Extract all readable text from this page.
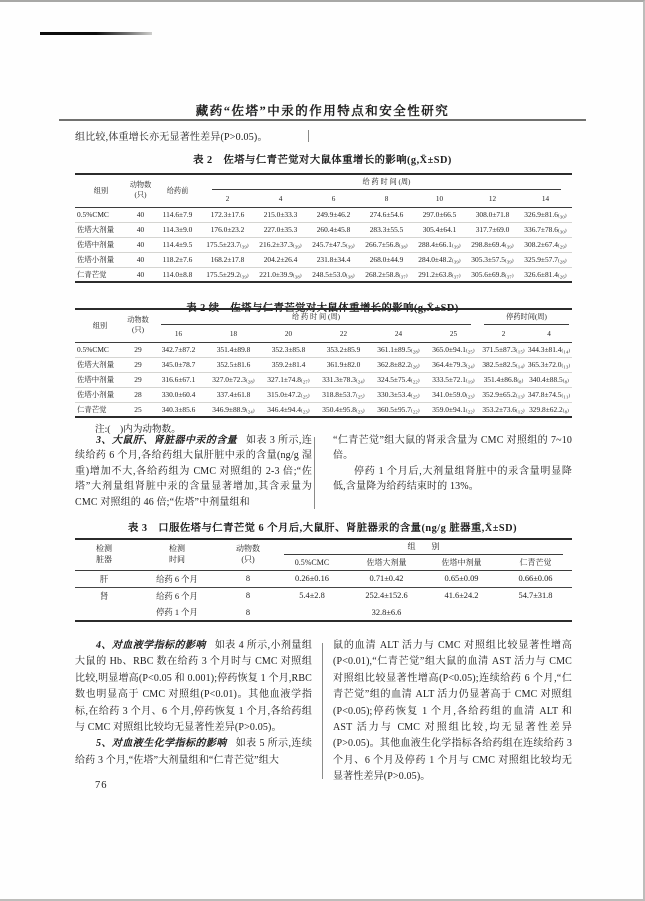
藏药“佐塔”中汞的作用特点和安全性研究

组比较,体重增长亦无显著性差异(P>0.05)。

表 2　佐塔与仁青芒觉对大鼠体重增长的影响(g,X̄±SD)
组别	动物数
(只)	给药前	给 药 时 间 (周)						
			2	4	6	8	10	12	14
0.5%CMC	40	114.6±7.9	172.3±17.6	215.0±33.3	249.9±46.2	274.6±54.6	297.0±66.5	308.0±71.8	326.9±81.6₍₃₀₎
佐塔大剂量	40	114.3±9.0	176.0±23.2	227.0±35.3	260.4±45.8	283.3±55.5	305.4±64.1	317.7±69.0	336.7±78.6₍₃₀₎
佐塔中剂量	40	114.4±9.5	175.5±23.7₍₃₉₎	216.2±37.3₍₃₉₎	245.7±47.5₍₃₉₎	266.7±56.8₍₃₈₎	288.4±66.1₍₃₉₎	298.8±69.4₍₃₉₎	308.2±67.4₍₂₉₎
佐塔小剂量	40	118.2±7.6	168.2±17.8	204.2±26.4	231.8±34.4	268.0±44.9	284.0±48.2₍₃₉₎	305.3±57.5₍₃₉₎	325.9±57.7₍₂₈₎
仁青芒觉	40	114.0±8.8	175.5±29.2₍₃₉₎	221.0±39.9₍₃₈₎	248.5±53.0₍₃₈₎	268.2±58.8₍₃₇₎	291.2±63.8₍₃₇₎	305.6±69.8₍₃₇₎	326.6±81.4₍₂₆₎
表 2 续　佐塔与仁青芒觉对大鼠体重增长的影响(g,X̄±SD)
组别	动物数
(只)	给 药 时 间 (周)						停药时间(周)	
		16	18	20	22	24	25	2	4
0.5%CMC	29	342.7±87.2	351.4±89.8	352.3±85.8	353.2±85.9	361.1±89.5₍₂₈₎	365.0±94.1₍₂₅₎	371.5±87.3₍₁₅₎	344.3±81.4₍₁₄₎
佐塔大剂量	29	345.0±78.7	352.5±81.6	359.2±81.4	361.9±82.0	362.8±82.2₍₂₆₎	364.4±79.3₍₂₄₎	382.5±82.5₍₁₄₎	365.3±72.0₍₁₃₎
佐塔中剂量	29	316.6±67.1	327.0±72.3₍₂₈₎	327.1±74.8₍₂₇₎	331.3±78.3₍₂₄₎	324.5±75.4₍₂₂₎	333.5±72.1₍₁₉₎	351.4±86.8₍₈₎	340.4±88.5₍₈₎
佐塔小剂量	28	330.0±60.4	337.4±61.8	315.0±47.2₍₂₅₎	318.8±53.7₍₂₅₎	330.3±53.4₍₂₅₎	341.0±59.0₍₂₃₎	352.9±65.2₍₁₃₎	347.8±74.5₍₁₁₎
仁青芒觉	25	340.3±85.6	346.9±88.9₍₂₄₎	346.4±94.4₍₂₃₎	350.4±95.8₍₂₃₎	360.5±95.7₍₂₂₎	359.0±94.1₍₂₂₎	353.2±73.6₍₁₂₎	329.8±62.2₍₈₎
注:(　)内为动物数。

3、大鼠肝、肾脏器中汞的含量 如表 3 所示,连续给药 6 个月,各给药组大鼠肝脏中汞的含量(ng/g 湿重)增加不大,各给药组为 CMC 对照组的 2-3 倍;“佐塔”大剂量组肾脏中汞的含量显著增加,其含汞量为 CMC 对照组的 46 倍;“佐塔”中剂量组和

“仁青芒觉”组大鼠的肾汞含量为 CMC 对照组的 7~10 倍。

停药 1 个月后,大剂量组肾脏中的汞含量明显降低,含量降为给药结束时的 13%。

表 3　口服佐塔与仁青芒觉 6 个月后,大鼠肝、肾脏器汞的含量(ng/g 脏器重,X̄±SD)
检测
脏器	检测
时间	动物数
(只)	组　　别			
			0.5%CMC	佐塔大剂量	佐塔中剂量	仁青芒觉
肝	给药 6 个月	8	0.26±0.16	0.71±0.42	0.65±0.09	0.66±0.06
肾	给药 6 个月	8	5.4±2.8	252.4±152.6	41.6±24.2	54.7±31.8
	停药 1 个月	8		32.8±6.6		

4、对血液学指标的影响 如表 4 所示,小剂量组大鼠的 Hb、RBC 数在给药 3 个月时与 CMC 对照组比较,明显增高(P<0.05 和 0.001);停药恢复 1 个月,RBC 数也明显高于 CMC 对照组(P<0.01)。其他血液学指标,在给药 3 个月、6 个月,停药恢复 1 个月,各给药组与 CMC 对照组比较均无显著性差异(P>0.05)。

5、对血液生化学指标的影响 如表 5 所示,连续给药 3 个月,“佐塔”大剂量组和“仁青芒觉”组大

鼠的血清 ALT 活力与 CMC 对照组比较显著性增高(P<0.01),“仁青芒觉”组大鼠的血清 AST 活力与 CMC 对照组比较显著性增高(P<0.05);连续给药 6 个月,“仁青芒觉”组的血清 ALT 活力仍显著高于 CMC 对照组(P<0.05);停药恢复 1 个月,各给药组的血清 ALT 和 AST 活力与 CMC 对照组比较,均无显著性差异(P>0.05)。其他血液生化学指标各给药组在连续给药 3 个月、6 个月及停药 1 个月与 CMC 对照组比较均无显著性差异(P>0.05)。

76
